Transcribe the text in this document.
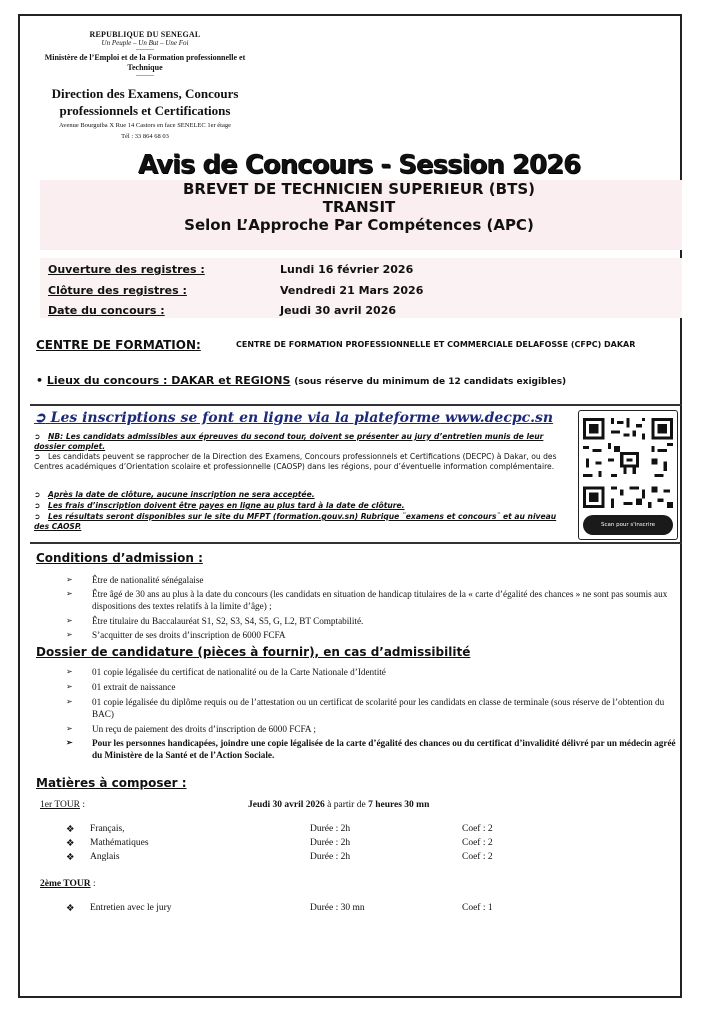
REPUBLIQUE DU SENEGAL
Un Peuple – Un But – Une Foi
---------
Ministère de l’Emploi et de la Formation professionnelle et Technique
---------
Direction des Examens, Concours professionnels et Certifications
Avenue Bourguiba X Rue 14 Castors en face SENELEC 1er étage
Tél : 33 864 68 03
Avis de Concours - Session 2026
BREVET DE TECHNICIEN SUPERIEUR (BTS)
TRANSIT
Selon L’Approche Par Compétences (APC)
Ouverture des registres :	Lundi 16 février 2026
Clôture des registres :	Vendredi 21 Mars 2026
Date du concours :	Jeudi 30 avril 2026
CENTRE DE FORMATION:	CENTRE DE FORMATION PROFESSIONNELLE ET COMMERCIALE DELAFOSSE (CFPC) DAKAR
• Lieux du concours : DAKAR et REGIONS (sous réserve du minimum de 12 candidats exigibles)
➲ Les inscriptions se font en ligne via la plateforme www.decpc.sn
➲ NB: Les candidats admissibles aux épreuves du second tour, doivent se présenter au jury d’entretien munis de leur dossier complet.
➲ Les candidats peuvent se rapprocher de la Direction des Examens, Concours professionnels et Certifications (DECPC) à Dakar, ou des Centres académiques d’Orientation scolaire et professionnelle (CAOSP) dans les régions, pour d’éventuelle information complémentaire.
➲ Après la date de clôture, aucune inscription ne sera acceptée.
➲ Les frais d’inscription doivent être payes en ligne au plus tard à la date de clôture.
➲ Les résultats seront disponibles sur le site du MFPT (formation.gouv.sn) Rubrique ¨examens et concours¨ et au niveau des CAOSP.	Scan pour s'inscrire
Conditions d’admission :
➢	Être de nationalité sénégalaise
➢	Être âgé de 30 ans au plus à la date du concours (les candidats en situation de handicap titulaires de la « carte d’égalité des chances » ne sont pas soumis aux dispositions des textes relatifs à la limite d’âge) ;
➢	Être titulaire du Baccalauréat S1, S2, S3, S4, S5, G, L2, BT Comptabilité.
➢	S’acquitter de ses droits d’inscription de 6000 FCFA
Dossier de candidature (pièces à fournir), en cas d’admissibilité
➢	01 copie légalisée du certificat de nationalité ou de la Carte Nationale d’Identité
➢	01 extrait de naissance
➢	01 copie légalisée du diplôme requis ou de l’attestation ou un certificat de scolarité pour les candidats en classe de terminale (sous réserve de l’obtention du BAC)
➢	Un reçu de paiement des droits d’inscription de 6000 FCFA ;
➢	Pour les personnes handicapées, joindre une copie légalisée de la carte d’égalité des chances ou du certificat d’invalidité délivré par un médecin agréé du Ministère de la Santé et de l’Action Sociale.
Matières à composer :
1er TOUR :	Jeudi 30 avril 2026 à partir de 7 heures 30 mn
❖ Français,	Durée : 2h	Coef : 2
❖ Mathématiques	Durée : 2h	Coef : 2
❖ Anglais	Durée : 2h	Coef : 2
2ème TOUR :
❖ Entretien avec le jury	Durée : 30 mn	Coef : 1
